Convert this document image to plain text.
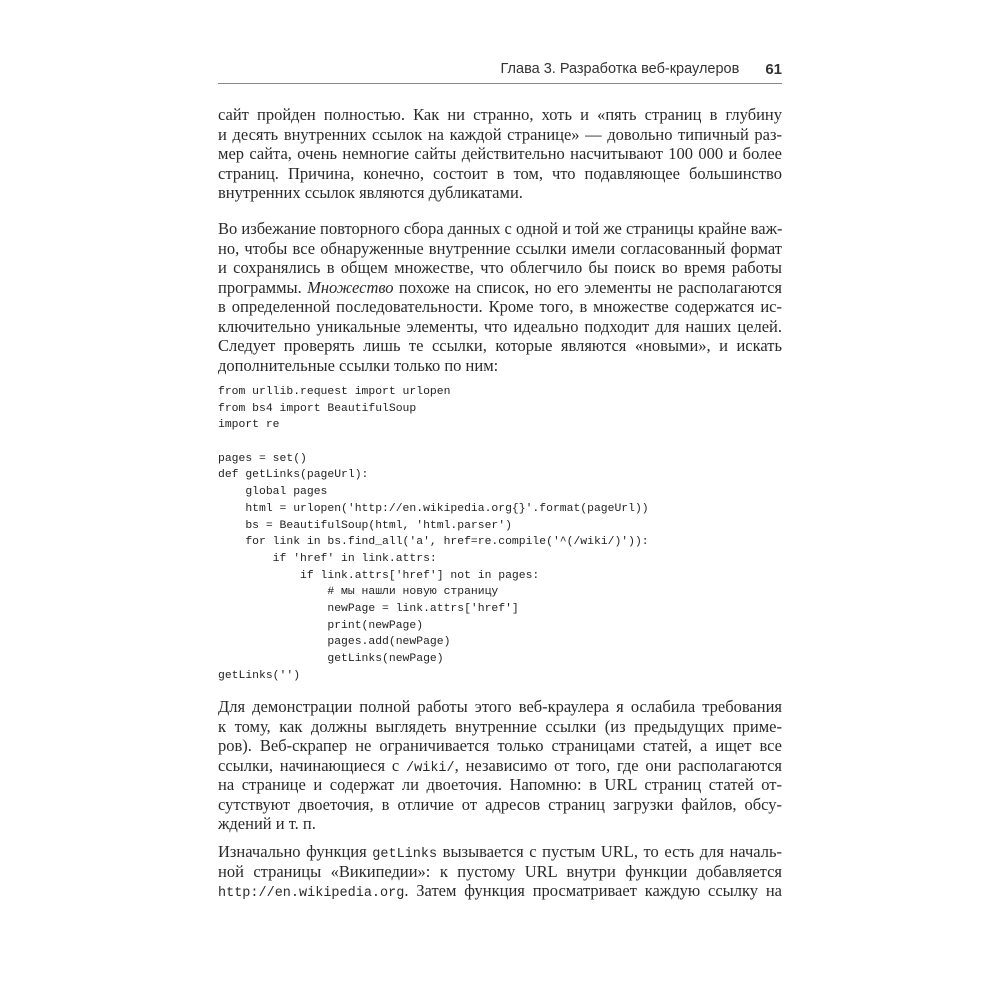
Глава 3. Разработка веб-краулеров 61
сайт пройден полностью. Как ни странно, хоть и «пять страниц в глубину
и десять внутренних ссылок на каждой странице» — довольно типичный раз-
мер сайта, очень немногие сайты действительно насчитывают 100 000 и более
страниц. Причина, конечно, состоит в том, что подавляющее большинство
внутренних ссылок являются дубликатами.
Во избежание повторного сбора данных с одной и той же страницы крайне важ-
но, чтобы все обнаруженные внутренние ссылки имели согласованный формат
и сохранялись в общем множестве, что облегчило бы поиск во время работы
программы. Множество похоже на список, но его элементы не располагаются
в определенной последовательности. Кроме того, в множестве содержатся ис-
ключительно уникальные элементы, что идеально подходит для наших целей.
Следует проверять лишь те ссылки, которые являются «новыми», и искать
дополнительные ссылки только по ним:
from urllib.request import urlopen
from bs4 import BeautifulSoup
import re
pages = set()
def getLinks(pageUrl):
global pages
html = urlopen('http://en.wikipedia.org{}'.format(pageUrl))
bs = BeautifulSoup(html, 'html.parser')
for link in bs.find_all('a', href=re.compile('^(/wiki/)')):
if 'href' in link.attrs:
if link.attrs['href'] not in pages:
# мы нашли новую страницу
newPage = link.attrs['href']
print(newPage)
pages.add(newPage)
getLinks(newPage)
getLinks('')
Для демонстрации полной работы этого веб-краулера я ослабила требования
к тому, как должны выглядеть внутренние ссылки (из предыдущих приме-
ров). Веб-скрапер не ограничивается только страницами статей, а ищет все
ссылки, начинающиеся с /wiki/, независимо от того, где они располагаются
на странице и содержат ли двоеточия. Напомню: в URL страниц статей от-
сутствуют двоеточия, в отличие от адресов страниц загрузки файлов, обсу-
ждений и т. п.
Изначально функция getLinks вызывается с пустым URL, то есть для началь-
ной страницы «Википедии»: к пустому URL внутри функции добавляется
http://en.wikipedia.org. Затем функция просматривает каждую ссылку на
